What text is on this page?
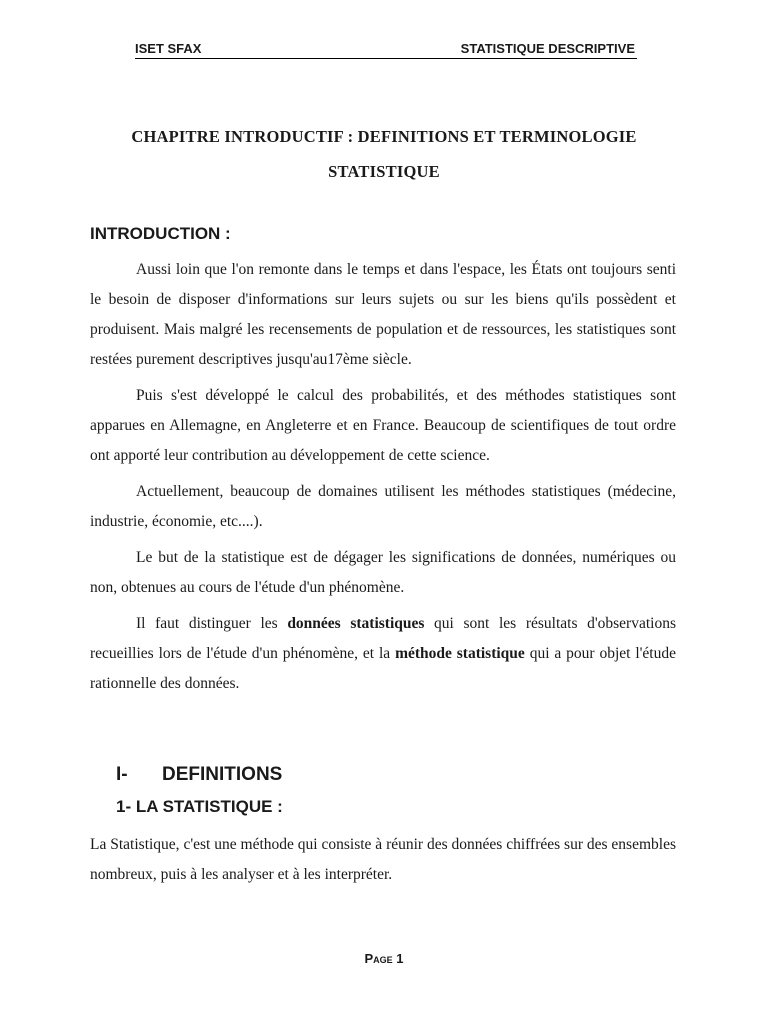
ISET SFAX	STATISTIQUE DESCRIPTIVE
CHAPITRE INTRODUCTIF : DEFINITIONS ET TERMINOLOGIE
STATISTIQUE
INTRODUCTION :

Aussi loin que l'on remonte dans le temps et dans l'espace, les États ont toujours senti le besoin de disposer d'informations sur leurs sujets ou sur les biens qu'ils possèdent et produisent. Mais malgré les recensements de population et de ressources, les statistiques sont restées purement descriptives jusqu'au17ème siècle.

Puis s'est développé le calcul des probabilités, et des méthodes statistiques sont apparues en Allemagne, en Angleterre et en France. Beaucoup de scientifiques de tout ordre ont apporté leur contribution au développement de cette science.

Actuellement, beaucoup de domaines utilisent les méthodes statistiques (médecine, industrie, économie, etc....).

Le but de la statistique est de dégager les significations de données, numériques ou non, obtenues au cours de l'étude d'un phénomène.

Il faut distinguer les données statistiques qui sont les résultats d'observations recueillies lors de l'étude d'un phénomène, et la méthode statistique qui a pour objet l'étude rationnelle des données.

I- DEFINITIONS
1- LA STATISTIQUE :

La Statistique, c'est une méthode qui consiste à réunir des données chiffrées sur des ensembles nombreux, puis à les analyser et à les interpréter.

Page 1
